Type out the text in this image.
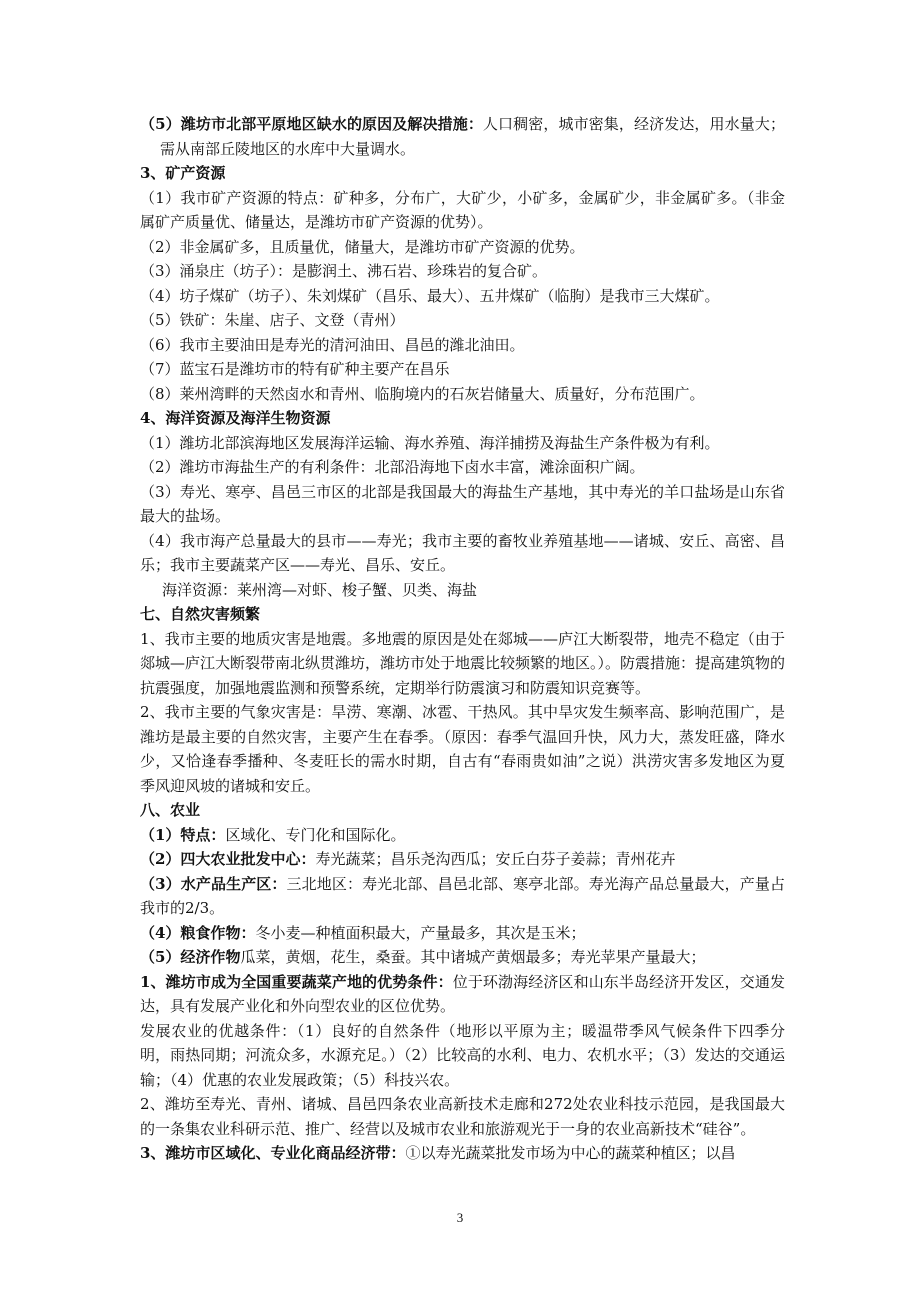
（5）潍坊市北部平原地区缺水的原因及解决措施：人口稠密，城市密集，经济发达，用水量大；需从南部丘陵地区的水库中大量调水。

3、矿产资源

（1）我市矿产资源的特点：矿种多，分布广，大矿少，小矿多，金属矿少，非金属矿多。（非金属矿产质量优、储量达，是潍坊市矿产资源的优势）。

（2）非金属矿多，且质量优，储量大，是潍坊市矿产资源的优势。

（3）涌泉庄（坊子）：是膨润土、沸石岩、珍珠岩的复合矿。

（4）坊子煤矿（坊子）、朱刘煤矿（昌乐、最大）、五井煤矿（临朐）是我市三大煤矿。

（5）铁矿：朱崖、店子、文登（青州）

（6）我市主要油田是寿光的清河油田、昌邑的潍北油田。

（7）蓝宝石是潍坊市的特有矿种主要产在昌乐

（8）莱州湾畔的天然卤水和青州、临朐境内的石灰岩储量大、质量好，分布范围广。

4、海洋资源及海洋生物资源

（1）潍坊北部滨海地区发展海洋运输、海水养殖、海洋捕捞及海盐生产条件极为有利。

（2）潍坊市海盐生产的有利条件：北部沿海地下卤水丰富，滩涂面积广阔。

（3）寿光、寒亭、昌邑三市区的北部是我国最大的海盐生产基地，其中寿光的羊口盐场是山东省最大的盐场。

（4）我市海产总量最大的县市——寿光；我市主要的畜牧业养殖基地——诸城、安丘、高密、昌乐；我市主要蔬菜产区——寿光、昌乐、安丘。

海洋资源：莱州湾—对虾、梭子蟹、贝类、海盐

七、自然灾害频繁

1、我市主要的地质灾害是地震。多地震的原因是处在郯城——庐江大断裂带，地壳不稳定（由于郯城—庐江大断裂带南北纵贯潍坊，潍坊市处于地震比较频繁的地区。）。防震措施：提高建筑物的抗震强度，加强地震监测和预警系统，定期举行防震演习和防震知识竞赛等。

2、我市主要的气象灾害是：旱涝、寒潮、冰雹、干热风。其中旱灾发生频率高、影响范围广，是潍坊是最主要的自然灾害，主要产生在春季。（原因：春季气温回升快，风力大，蒸发旺盛，降水少，又恰逢春季播种、冬麦旺长的需水时期，自古有“春雨贵如油”之说）洪涝灾害多发地区为夏季风迎风坡的诸城和安丘。

八、农业

（1）特点：区域化、专门化和国际化。

（2）四大农业批发中心：寿光蔬菜；昌乐尧沟西瓜；安丘白芬子姜蒜；青州花卉

（3）水产品生产区：三北地区：寿光北部、昌邑北部、寒亭北部。寿光海产品总量最大，产量占我市的2/3。

（4）粮食作物：冬小麦—种植面积最大，产量最多，其次是玉米；

（5）经济作物瓜菜，黄烟，花生，桑蚕。其中诸城产黄烟最多；寿光苹果产量最大；

1、潍坊市成为全国重要蔬菜产地的优势条件：位于环渤海经济区和山东半岛经济开发区，交通发达，具有发展产业化和外向型农业的区位优势。

发展农业的优越条件：（1）良好的自然条件（地形以平原为主；暖温带季风气候条件下四季分明，雨热同期；河流众多，水源充足。）（2）比较高的水利、电力、农机水平；（3）发达的交通运输；（4）优惠的农业发展政策；（5）科技兴农。

2、潍坊至寿光、青州、诸城、昌邑四条农业高新技术走廊和272处农业科技示范园，是我国最大的一条集农业科研示范、推广、经营以及城市农业和旅游观光于一身的农业高新技术“硅谷”。

3、潍坊市区域化、专业化商品经济带：①以寿光蔬菜批发市场为中心的蔬菜种植区；以昌

3
